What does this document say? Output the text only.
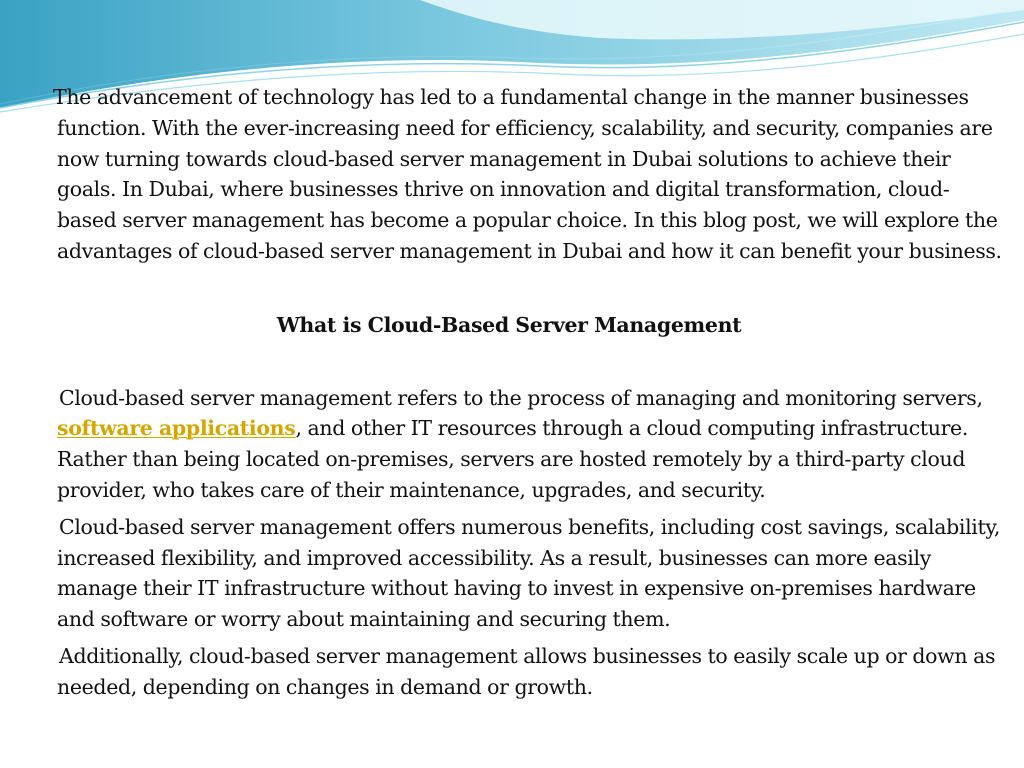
The advancement of technology has led to a fundamental change in the manner businesses function. With the ever-increasing need for efficiency, scalability, and security, companies are now turning towards cloud-based server management in Dubai solutions to achieve their goals. In Dubai, where businesses thrive on innovation and digital transformation, cloud-based server management has become a popular choice. In this blog post, we will explore the advantages of cloud-based server management in Dubai and how it can benefit your business.

What is Cloud-Based Server Management

Cloud-based server management refers to the process of managing and monitoring servers, software applications, and other IT resources through a cloud computing infrastructure. Rather than being located on-premises, servers are hosted remotely by a third-party cloud provider, who takes care of their maintenance, upgrades, and security.

Cloud-based server management offers numerous benefits, including cost savings, scalability, increased flexibility, and improved accessibility. As a result, businesses can more easily manage their IT infrastructure without having to invest in expensive on-premises hardware and software or worry about maintaining and securing them.

Additionally, cloud-based server management allows businesses to easily scale up or down as needed, depending on changes in demand or growth.
